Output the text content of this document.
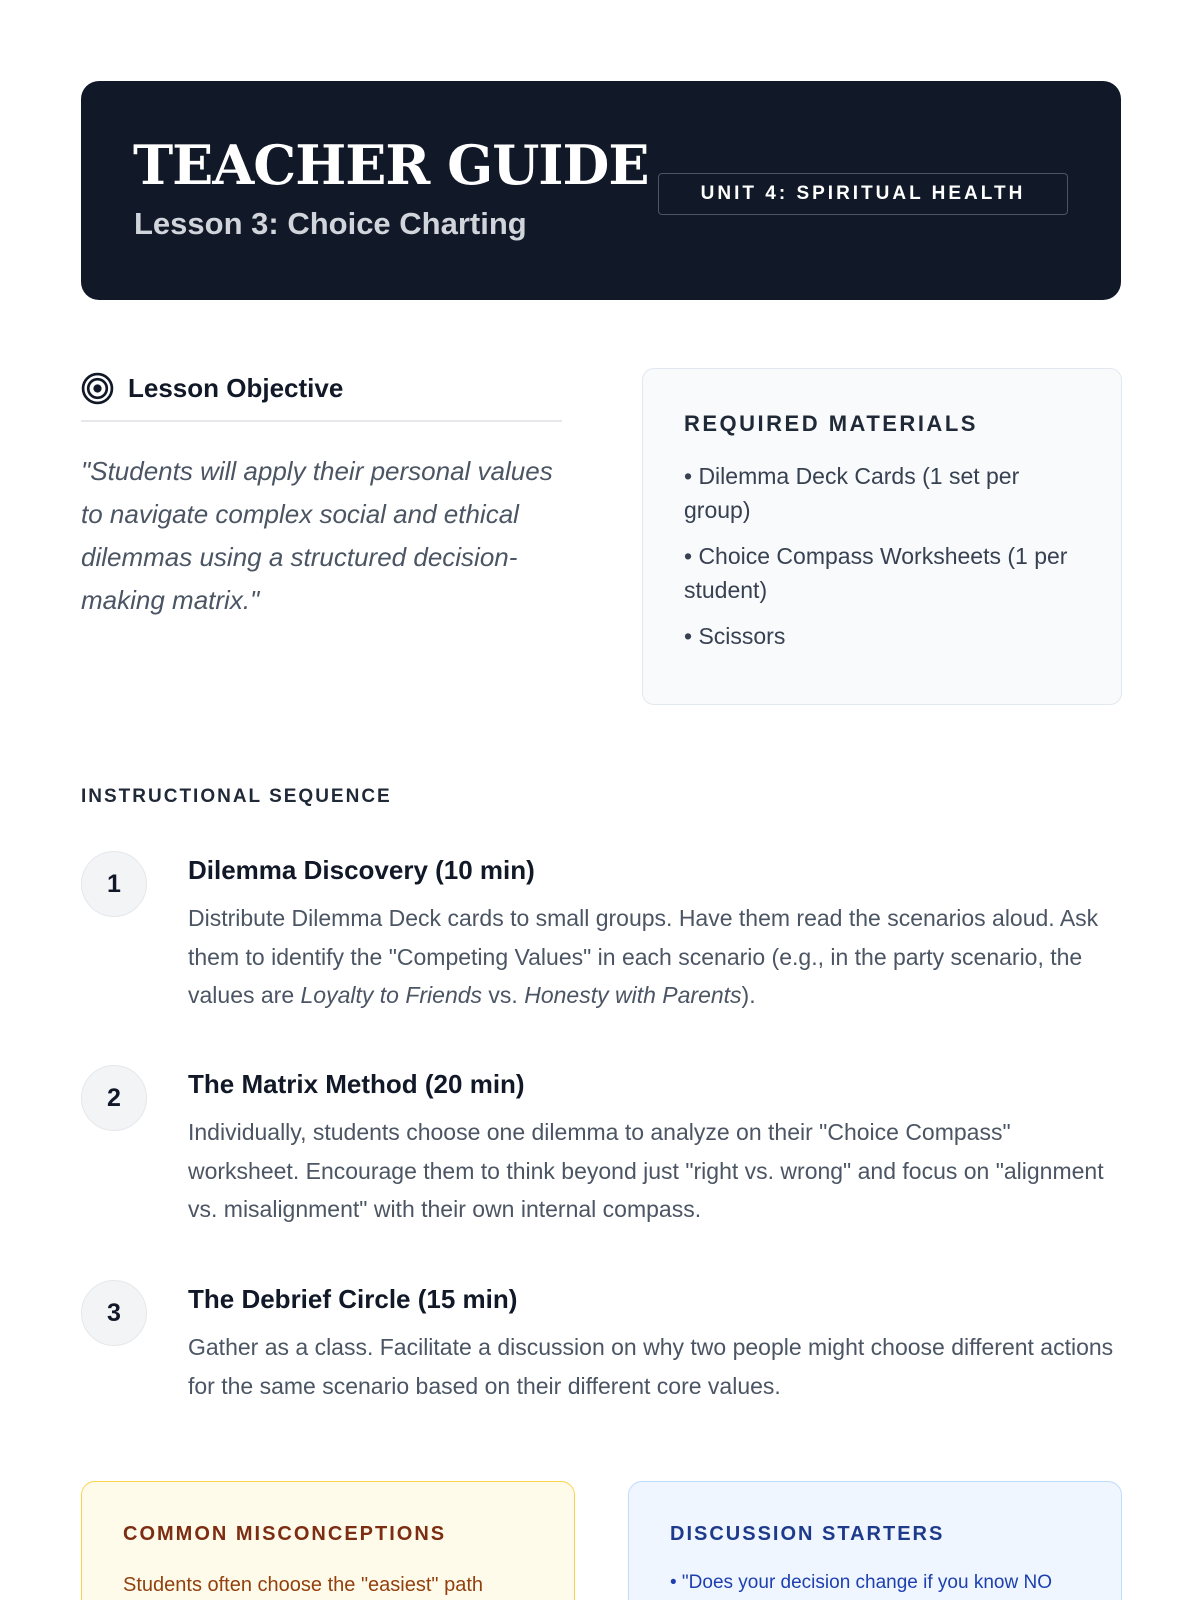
TEACHER GUIDE
Lesson 3: Choice Charting
UNIT 4: SPIRITUAL HEALTH
Lesson Objective
"Students will apply their personal values to navigate complex social and ethical dilemmas using a structured decision-making matrix."
REQUIRED MATERIALS
• Dilemma Deck Cards (1 set per group)
• Choice Compass Worksheets (1 per student)
• Scissors
INSTRUCTIONAL SEQUENCE
1	Dilemma Discovery (10 min)
Distribute Dilemma Deck cards to small groups. Have them read the scenarios aloud. Ask them to identify the "Competing Values" in each scenario (e.g., in the party scenario, the values are Loyalty to Friends vs. Honesty with Parents).
2	The Matrix Method (20 min)
Individually, students choose one dilemma to analyze on their "Choice Compass" worksheet. Encourage them to think beyond just "right vs. wrong" and focus on "alignment vs. misalignment" with their own internal compass.
3	The Debrief Circle (15 min)
Gather as a class. Facilitate a discussion on why two people might choose different actions for the same scenario based on their different core values.
COMMON MISCONCEPTIONS
Students often choose the "easiest" path
DISCUSSION STARTERS
• "Does your decision change if you know NO
